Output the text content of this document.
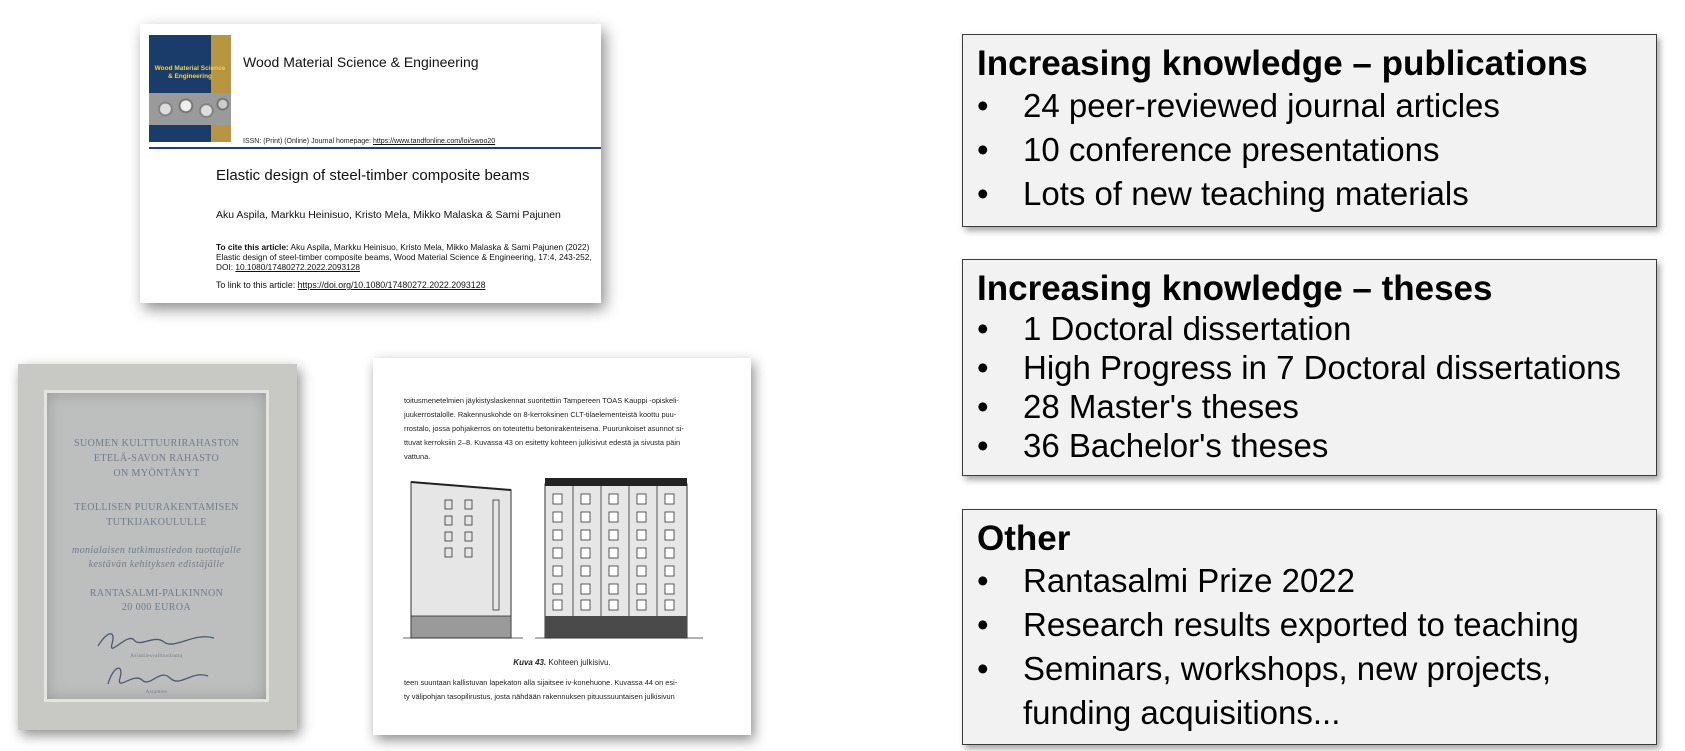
Wood Material Science & Engineering
Wood Material Science & Engineering
ISSN: (Print) (Online) Journal homepage: https://www.tandfonline.com/loi/swoo20
Elastic design of steel-timber composite beams
Aku Aspila, Markku Heinisuo, Kristo Mela, Mikko Malaska & Sami Pajunen
To cite this article: Aku Aspila, Markku Heinisuo, Kristo Mela, Mikko Malaska & Sami Pajunen (2022) Elastic design of steel-timber composite beams, Wood Material Science & Engineering, 17:4, 243-252, DOI: 10.1080/17480272.2022.2093128
To link to this article: https://doi.org/10.1080/17480272.2022.2093128
SUOMEN KULTTUURIRAHASTON
ETELÄ-SAVON RAHASTO
ON MYÖNTÄNYT
TEOLLISEN PUURAKENTAMISEN
TUTKIJAKOULULLE
monialaisen tutkimustiedon tuottajalle
kestävän kehityksen edistäjälle
RANTASALMI-PALKINNON
20 000 EUROA
Asiamiesvaltuuskunta
Asiamies
toitusmenetelmien jäykistyslaskennat suoritettiin Tampereen TOAS Kauppi -opiskeli-
juukerrostalolle. Rakennuskohde on 8-kerroksinen CLT-tilaelementeistä koottu puu-
rrostalo, jossa pohjakerros on toteutettu betonirakenteisena. Puurunkoiset asunnot si-
ttuvat kerroksiin 2–8. Kuvassa 43 on esitetty kohteen julkisivut edestä ja sivusta päin
vattuna.
Kuva 43. Kohteen julkisivu.
teen suuntaan kallistuvan lapekaton alla sijaitsee iv-konehuone. Kuvassa 44 on esi-
ty välipohjan tasopilirustus, josta nähdään rakennuksen pituussuuntaisen julkisivun
Increasing knowledge – publications
• 24 peer-reviewed journal articles
• 10 conference presentations
• Lots of new teaching materials
Increasing knowledge – theses
• 1 Doctoral dissertation
• High Progress in 7 Doctoral dissertations
• 28 Master's theses
• 36 Bachelor's theses
Other
• Rantasalmi Prize 2022
• Research results exported to teaching
• Seminars, workshops, new projects, funding acquisitions...
